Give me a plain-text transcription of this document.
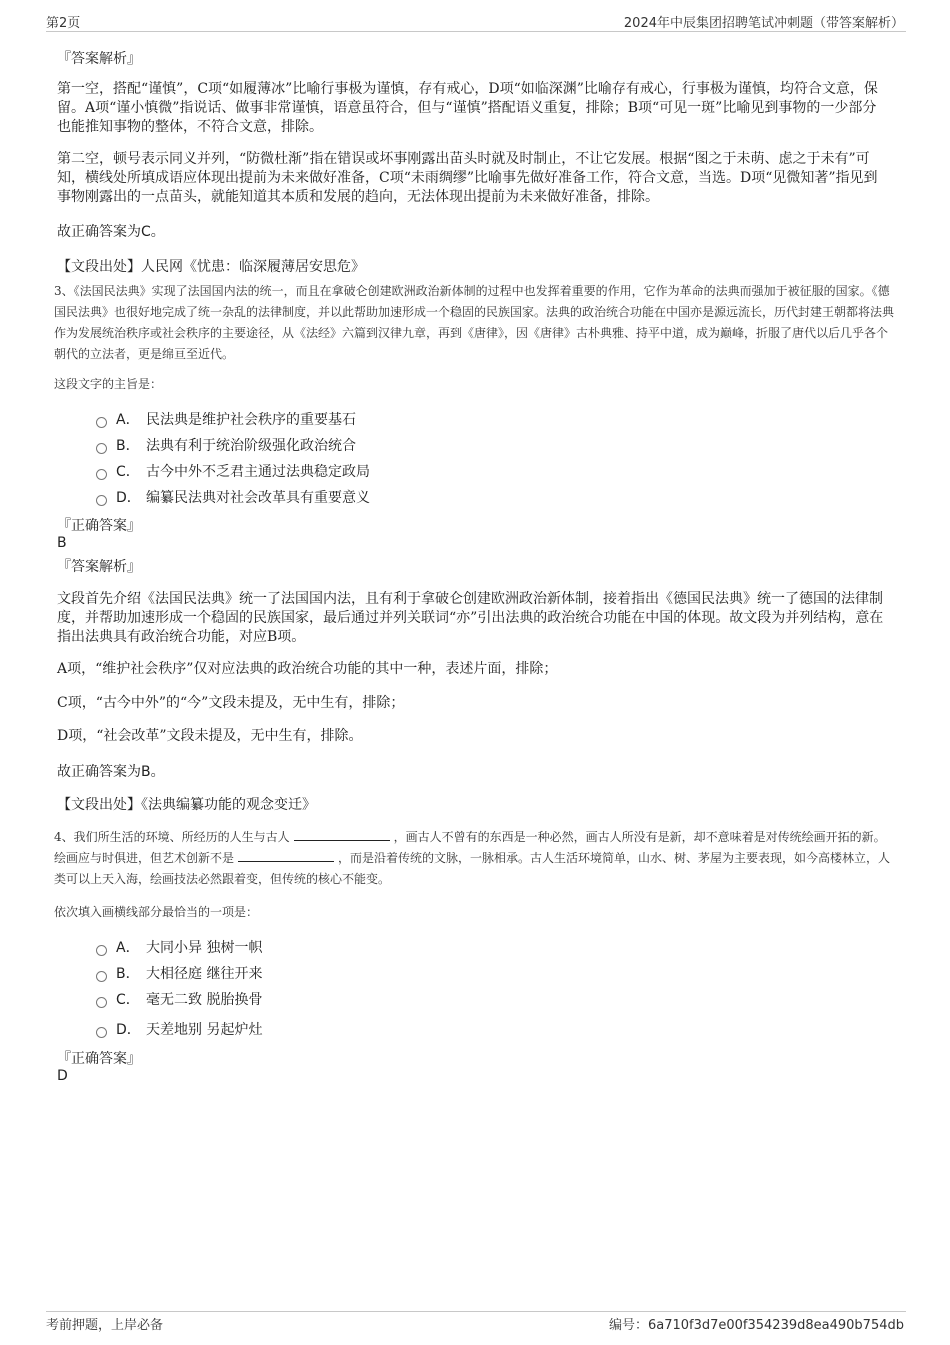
第2页	2024年中辰集团招聘笔试冲刺题（带答案解析）
『答案解析』
第一空，搭配“谨慎”，C项“如履薄冰”比喻行事极为谨慎，存有戒心，D项“如临深渊”比喻存有戒心，行事极为谨慎，均符合文意，保留。A项“谨小慎微”指说话、做事非常谨慎，语意虽符合，但与“谨慎”搭配语义重复，排除；B项“可见一斑”比喻见到事物的一少部分也能推知事物的整体，不符合文意，排除。
第二空，顿号表示同义并列，“防微杜渐”指在错误或坏事刚露出苗头时就及时制止，不让它发展。根据“图之于未萌、虑之于未有”可知，横线处所填成语应体现出提前为未来做好准备，C项“未雨绸缪”比喻事先做好准备工作，符合文意，当选。D项“见微知著”指见到事物刚露出的一点苗头，就能知道其本质和发展的趋向，无法体现出提前为未来做好准备，排除。
故正确答案为C。
【文段出处】人民网《忧患：临深履薄居安思危》
3、《法国民法典》实现了法国国内法的统一，而且在拿破仑创建欧洲政治新体制的过程中也发挥着重要的作用，它作为革命的法典而强加于被征服的国家。《德国民法典》也很好地完成了统一杂乱的法律制度，并以此帮助加速形成一个稳固的民族国家。法典的政治统合功能在中国亦是源远流长，历代封建王朝都将法典作为发展统治秩序或社会秩序的主要途径，从《法经》六篇到汉律九章，再到《唐律》，因《唐律》古朴典雅、持平中道，成为巅峰，折服了唐代以后几乎各个朝代的立法者，更是绵亘至近代。
这段文字的主旨是：
A． 民法典是维护社会秩序的重要基石
B． 法典有利于统治阶级强化政治统合
C． 古今中外不乏君主通过法典稳定政局
D． 编纂民法典对社会改革具有重要意义
『正确答案』
B
『答案解析』
文段首先介绍《法国民法典》统一了法国国内法，且有利于拿破仑创建欧洲政治新体制，接着指出《德国民法典》统一了德国的法律制度，并帮助加速形成一个稳固的民族国家，最后通过并列关联词“亦”引出法典的政治统合功能在中国的体现。故文段为并列结构，意在指出法典具有政治统合功能，对应B项。
A项，“维护社会秩序”仅对应法典的政治统合功能的其中一种，表述片面，排除；
C项，“古今中外”的“今”文段未提及，无中生有，排除；
D项，“社会改革”文段未提及，无中生有，排除。
故正确答案为B。
【文段出处】《法典编纂功能的观念变迁》
4、我们所生活的环境、所经历的人生与古人	，画古人不曾有的东西是一种必然，画古人所没有是新，却不意味着是对传统绘画开拓的新。绘画应与时俱进，但艺术创新不是	，而是沿着传统的文脉，一脉相承。古人生活环境简单，山水、树、茅屋为主要表现，如今高楼林立，人类可以上天入海，绘画技法必然跟着变，但传统的核心不能变。
依次填入画横线部分最恰当的一项是：
A． 大同小异 独树一帜
B． 大相径庭 继往开来
C． 毫无二致 脱胎换骨
D． 天差地别 另起炉灶
『正确答案』
D
考前押题，上岸必备	编号：6a710f3d7e00f354239d8ea490b754db
